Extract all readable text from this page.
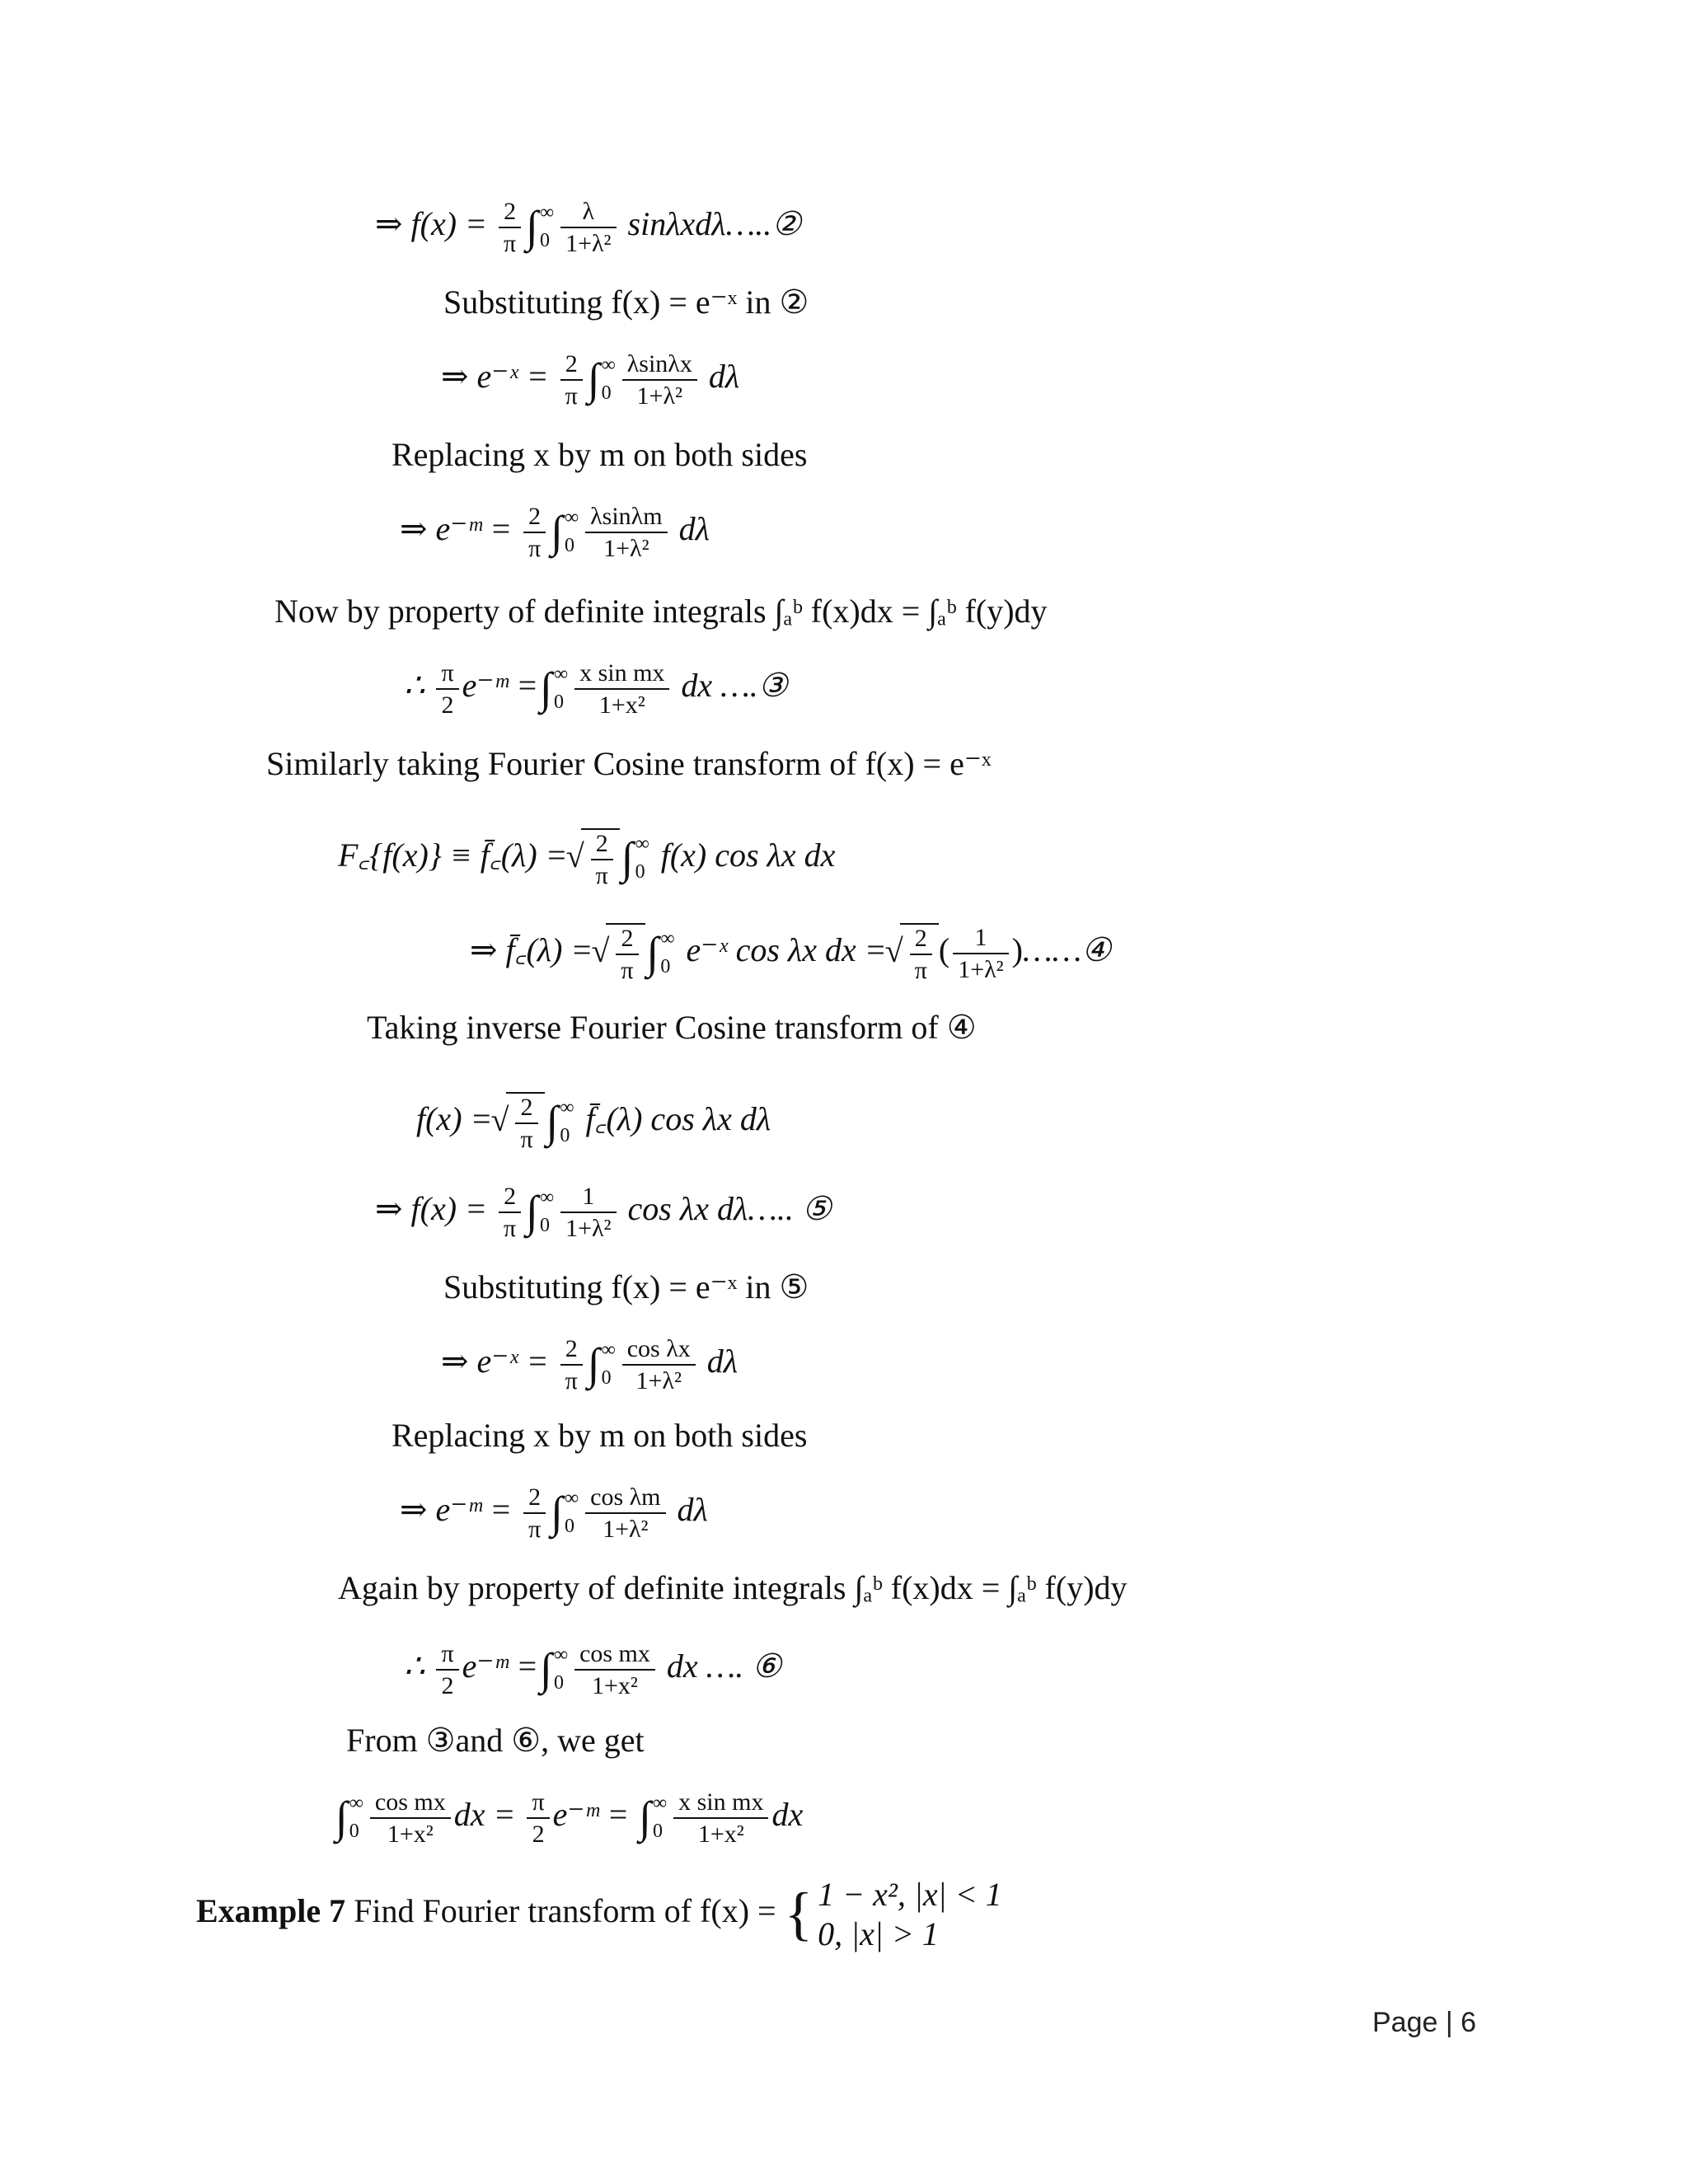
⇒ $f(x) = \frac{2}{\pi}$ ∫ ∞
$0 \frac{\lambda}{\text{1+λ²}}$ sinλxdλ…..②
Substituting f(x) = e⁻ˣ in ②
⇒ e⁻ˣ = $\frac{2}{\pi}$ ∫ ∞
$0 \frac{\lambda\sin\lambda x}{\text{1+λ²}}$ dλ
Replacing x by m on both sides
⇒ e⁻ᵐ = $\frac{2}{\pi}$ ∫ ∞
$0 \frac{\lambda\sin\lambda m}{\text{1+λ²}}$ dλ
Now by property of definite integrals ∫ₐᵇ f(x)dx = ∫ₐᵇ f(y)dy
∴ $\frac{\pi}{2}$ e⁻ᵐ =∫ ∞
$0 \frac{\text{x sin mx}}{\text{1+x²}}$ dx ….③
Similarly taking Fourier Cosine transform of f(x) = e⁻ˣ
F꜀{f(x)} ≡ f̄꜀(λ) = √ $\frac{2}{\pi}$ ∫ ∞
0 f(x) cos λx dx
⇒ f̄꜀(λ) = √ $\frac{2}{\pi}$ ∫ ∞
0 e⁻ˣ cos λx dx = √ $\frac{2}{\pi}$ ( $\frac{1}{\text{1+λ²}}$ )……④
Taking inverse Fourier Cosine transform of ④
f(x) = √ $\frac{2}{\pi}$ ∫ ∞
0 f̄꜀(λ) cos λx dλ
⇒ $f(x) = \frac{2}{\pi}$ ∫ ∞
$0 \frac{1}{\text{1+λ²}}$ cos λx dλ….. ⑤
Substituting f(x) = e⁻ˣ in ⑤
⇒ e⁻ˣ = $\frac{2}{\pi}$ ∫ ∞
$0 \frac{\text{cos λx}}{\text{1+λ²}}$ dλ
Replacing x by m on both sides
⇒ e⁻ᵐ = $\frac{2}{\pi}$ ∫ ∞
$0 \frac{\text{cos λm}}{\text{1+λ²}}$ dλ
Again by property of definite integrals ∫ₐᵇ f(x)dx = ∫ₐᵇ f(y)dy
∴ $\frac{\pi}{2}$ e⁻ᵐ =∫ ∞
$0 \frac{\text{cos mx}}{\text{1+x²}}$ dx …. ⑥
From ③and ⑥, we get
∫ ∞
$0 \frac{\text{cos mx}}{\text{1+x²}}$ dx = $\frac{\pi}{2}$ e⁻ᵐ = ∫ ∞
$0 \frac{\text{x sin mx}}{\text{1+x²}}$ dx
Example 7 Find Fourier transform of f(x) = { 1 − x², |x| < 1
0, |x| > 1
Page | 6
